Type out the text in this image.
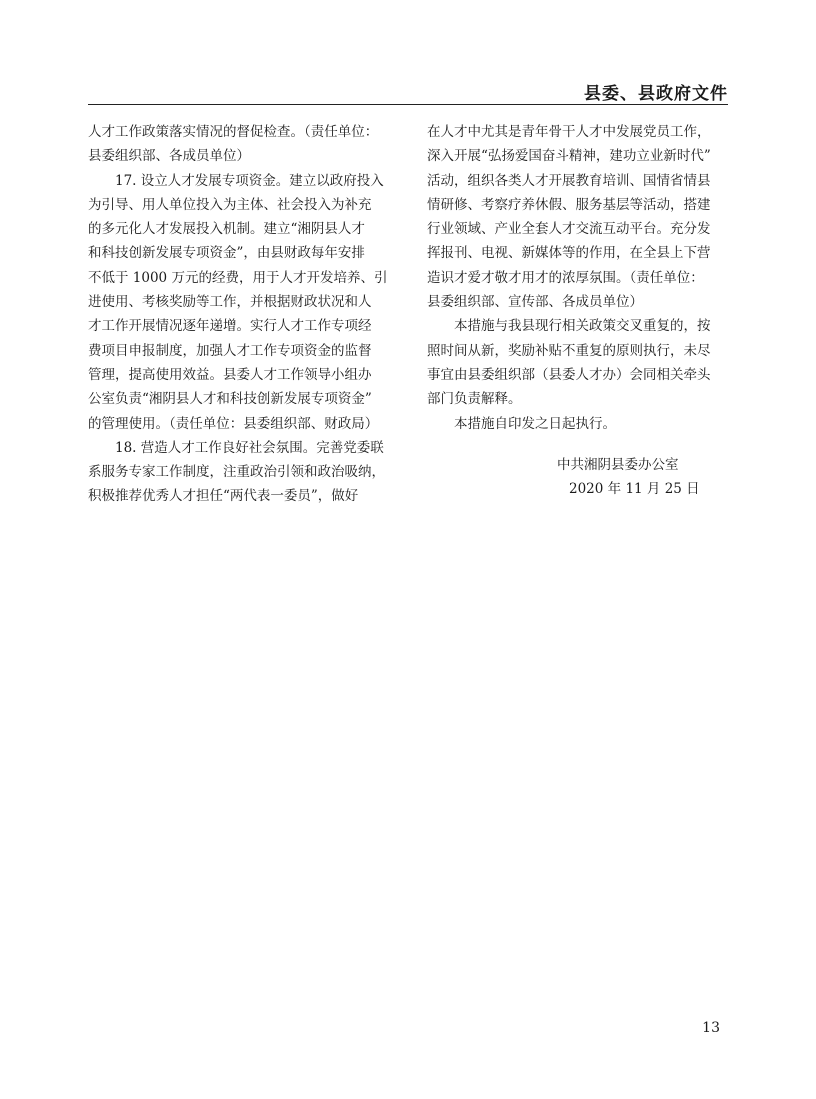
县委、县政府文件
人才工作政策落实情况的督促检查。（责任单位：
县委组织部、各成员单位）
17. 设立人才发展专项资金。建立以政府投入
为引导、用人单位投入为主体、社会投入为补充
的多元化人才发展投入机制。建立“湘阴县人才
和科技创新发展专项资金”，由县财政每年安排
不低于 1000 万元的经费，用于人才开发培养、引
进使用、考核奖励等工作，并根据财政状况和人
才工作开展情况逐年递增。实行人才工作专项经
费项目申报制度，加强人才工作专项资金的监督
管理，提高使用效益。县委人才工作领导小组办
公室负责“湘阴县人才和科技创新发展专项资金”
的管理使用。（责任单位：县委组织部、财政局）
18. 营造人才工作良好社会氛围。完善党委联
系服务专家工作制度，注重政治引领和政治吸纳，
积极推荐优秀人才担任“两代表一委员”，做好
在人才中尤其是青年骨干人才中发展党员工作，
深入开展“弘扬爱国奋斗精神，建功立业新时代”
活动，组织各类人才开展教育培训、国情省情县
情研修、考察疗养休假、服务基层等活动，搭建
行业领域、产业全套人才交流互动平台。充分发
挥报刊、电视、新媒体等的作用，在全县上下营
造识才爱才敬才用才的浓厚氛围。（责任单位：
县委组织部、宣传部、各成员单位）
本措施与我县现行相关政策交叉重复的，按
照时间从新，奖励补贴不重复的原则执行，未尽
事宜由县委组织部（县委人才办）会同相关牵头
部门负责解释。
本措施自印发之日起执行。
中共湘阴县委办公室
2020 年 11 月 25 日
13
